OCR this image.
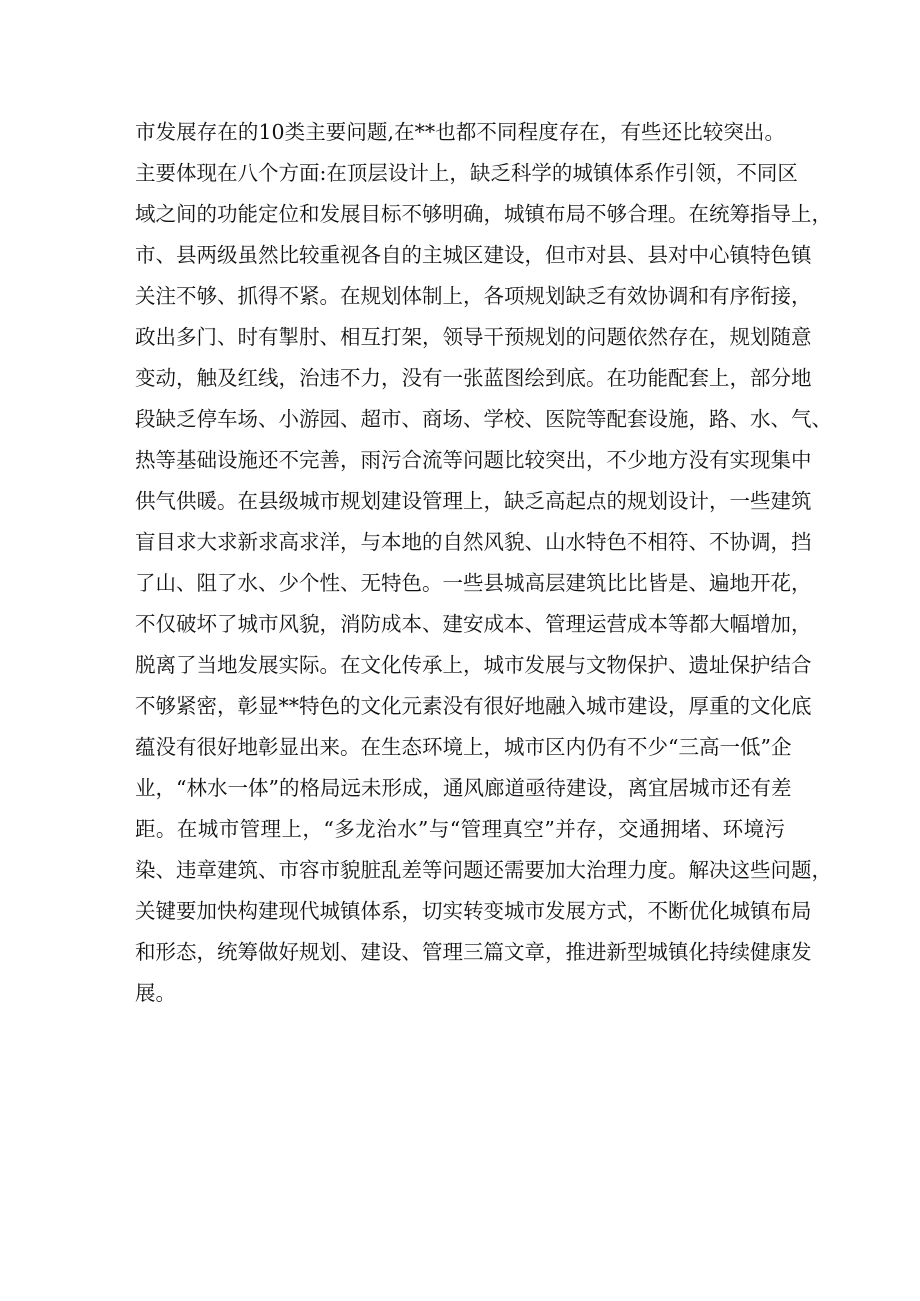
市发展存在的10类主要问题,在**也都不同程度存在，有些还比较突出。
主要体现在八个方面:在顶层设计上，缺乏科学的城镇体系作引领，不同区
域之间的功能定位和发展目标不够明确，城镇布局不够合理。在统筹指导上，
市、县两级虽然比较重视各自的主城区建设，但市对县、县对中心镇特色镇
关注不够、抓得不紧。在规划体制上，各项规划缺乏有效协调和有序衔接，
政出多门、时有掣肘、相互打架，领导干预规划的问题依然存在，规划随意
变动，触及红线，治违不力，没有一张蓝图绘到底。在功能配套上，部分地
段缺乏停车场、小游园、超市、商场、学校、医院等配套设施，路、水、气、
热等基础设施还不完善，雨污合流等问题比较突出，不少地方没有实现集中
供气供暖。在县级城市规划建设管理上，缺乏高起点的规划设计，一些建筑
盲目求大求新求高求洋，与本地的自然风貌、山水特色不相符、不协调，挡
了山、阻了水、少个性、无特色。一些县城高层建筑比比皆是、遍地开花，
不仅破坏了城市风貌，消防成本、建安成本、管理运营成本等都大幅增加，
脱离了当地发展实际。在文化传承上，城市发展与文物保护、遗址保护结合
不够紧密，彰显**特色的文化元素没有很好地融入城市建设，厚重的文化底
蕴没有很好地彰显出来。在生态环境上，城市区内仍有不少“三高一低”企
业，“林水一体”的格局远未形成，通风廊道亟待建设，离宜居城市还有差
距。在城市管理上，“多龙治水”与“管理真空”并存，交通拥堵、环境污
染、违章建筑、市容市貌脏乱差等问题还需要加大治理力度。解决这些问题，
关键要加快构建现代城镇体系，切实转变城市发展方式，不断优化城镇布局
和形态，统筹做好规划、建设、管理三篇文章，推进新型城镇化持续健康发
展。
